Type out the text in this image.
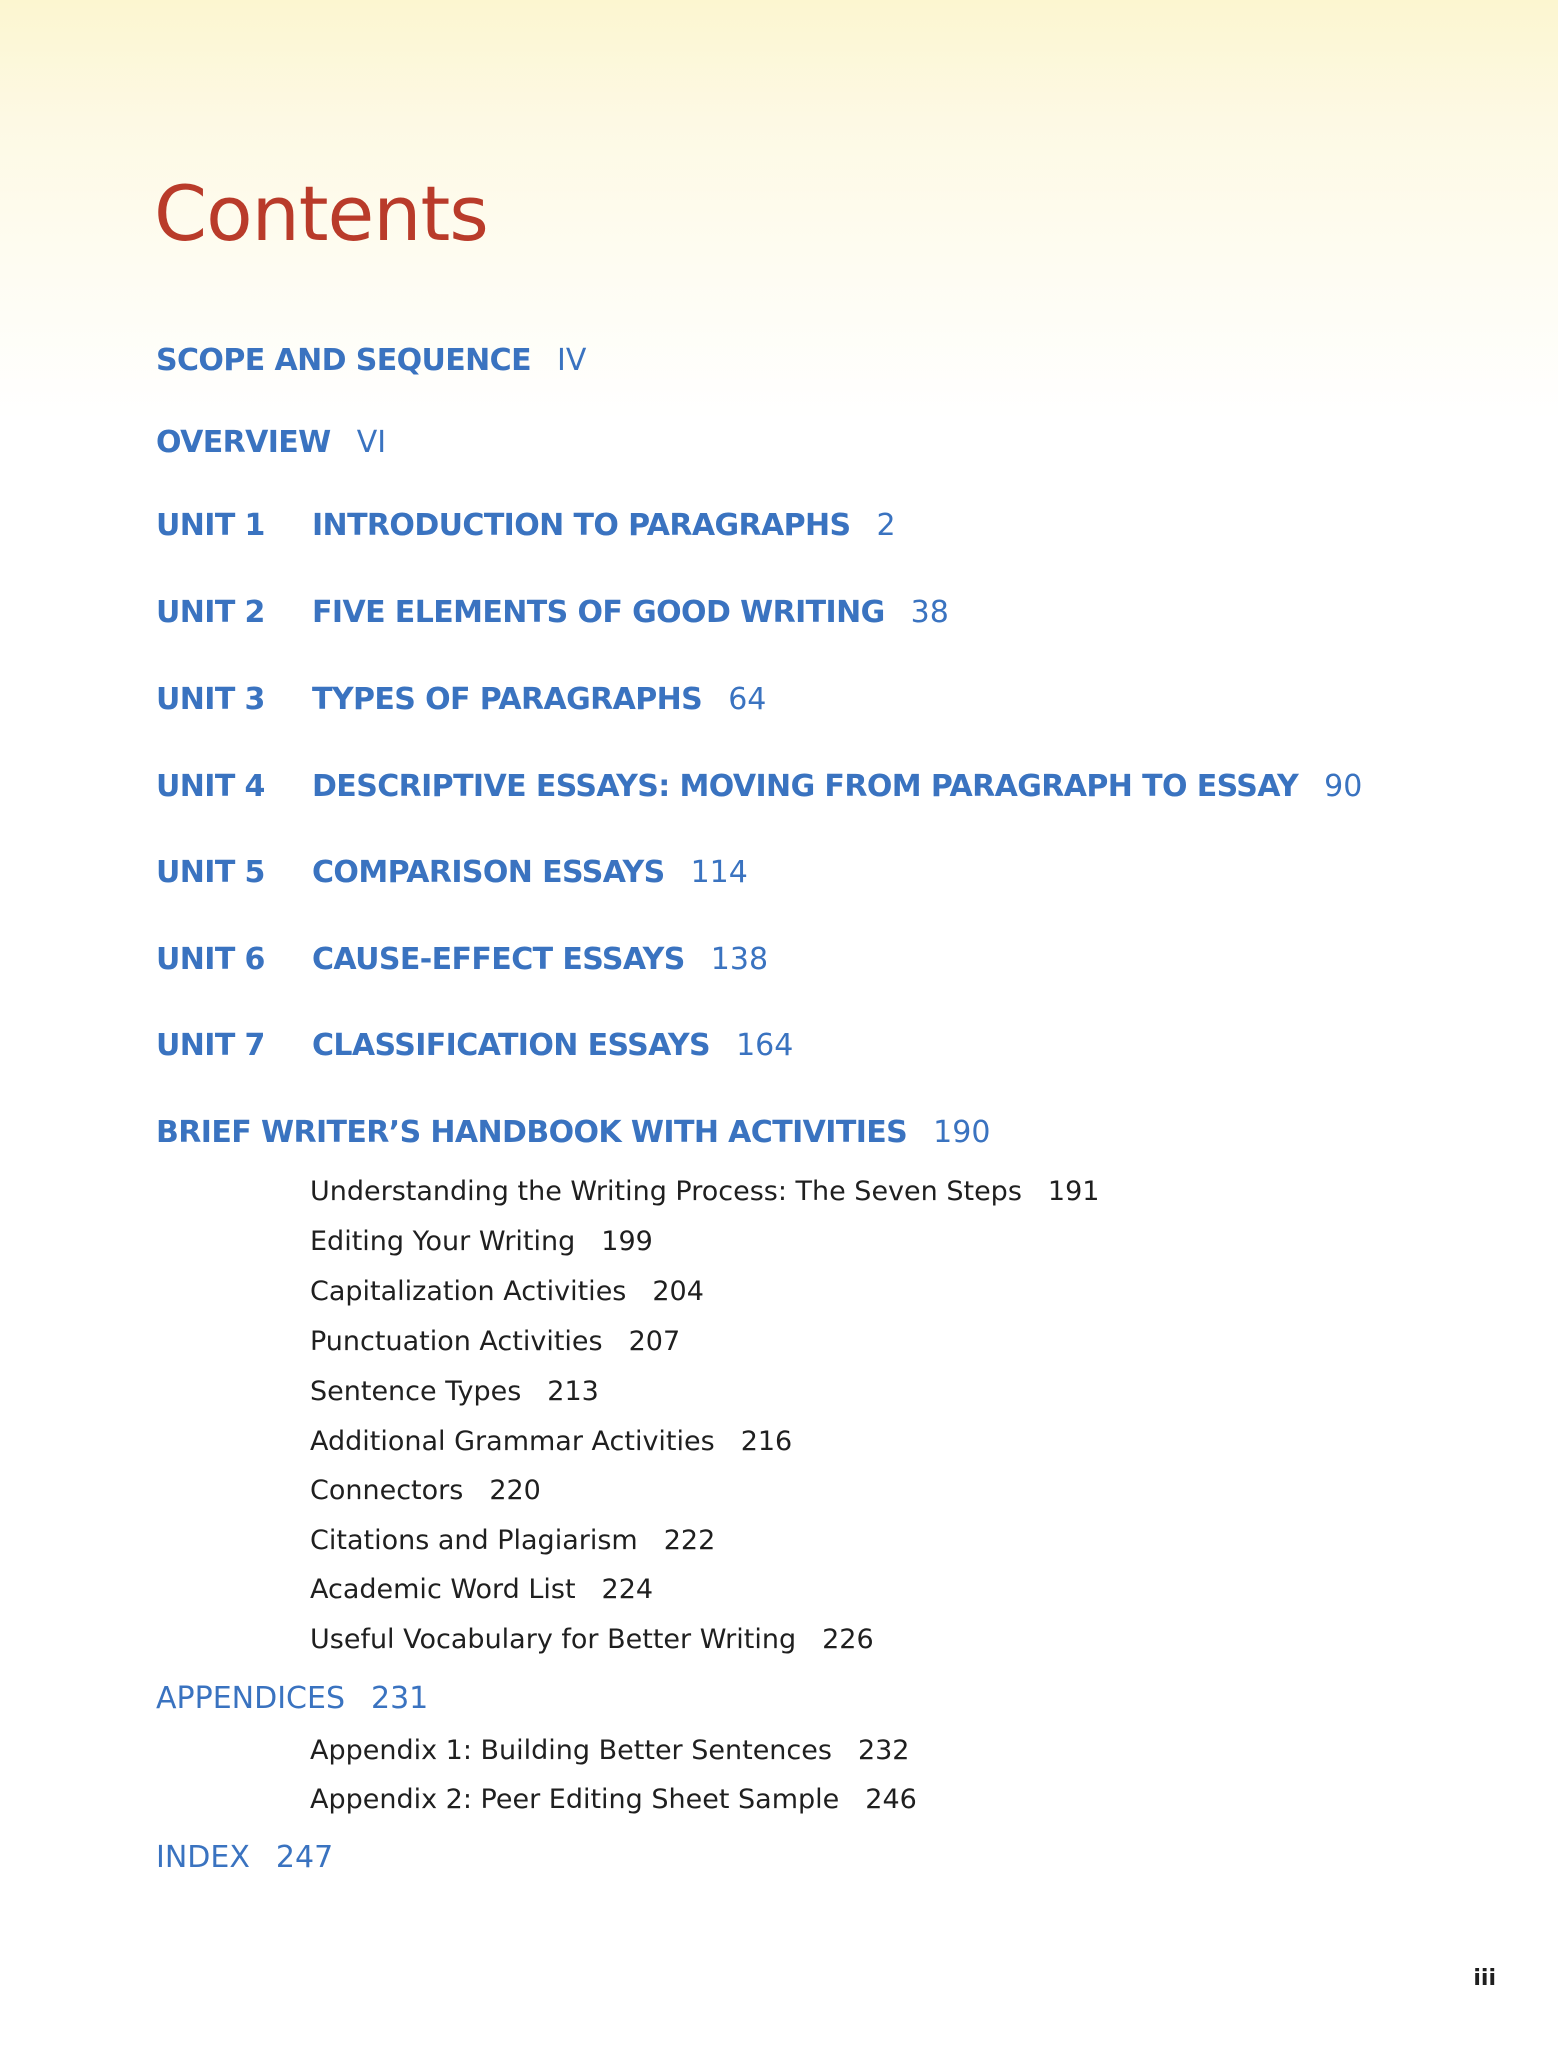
Contents
SCOPE AND SEQUENCE IV
OVERVIEW VI
UNIT 1 INTRODUCTION TO PARAGRAPHS 2
UNIT 2 FIVE ELEMENTS OF GOOD WRITING 38
UNIT 3 TYPES OF PARAGRAPHS 64
UNIT 4 DESCRIPTIVE ESSAYS: MOVING FROM PARAGRAPH TO ESSAY 90
UNIT 5 COMPARISON ESSAYS 114
UNIT 6 CAUSE-EFFECT ESSAYS 138
UNIT 7 CLASSIFICATION ESSAYS 164
BRIEF WRITER’S HANDBOOK WITH ACTIVITIES 190
Understanding the Writing Process: The Seven Steps 191
Editing Your Writing 199
Capitalization Activities 204
Punctuation Activities 207
Sentence Types 213
Additional Grammar Activities 216
Connectors 220
Citations and Plagiarism 222
Academic Word List 224
Useful Vocabulary for Better Writing 226
APPENDICES 231
Appendix 1: Building Better Sentences 232
Appendix 2: Peer Editing Sheet Sample 246
INDEX 247
iii
